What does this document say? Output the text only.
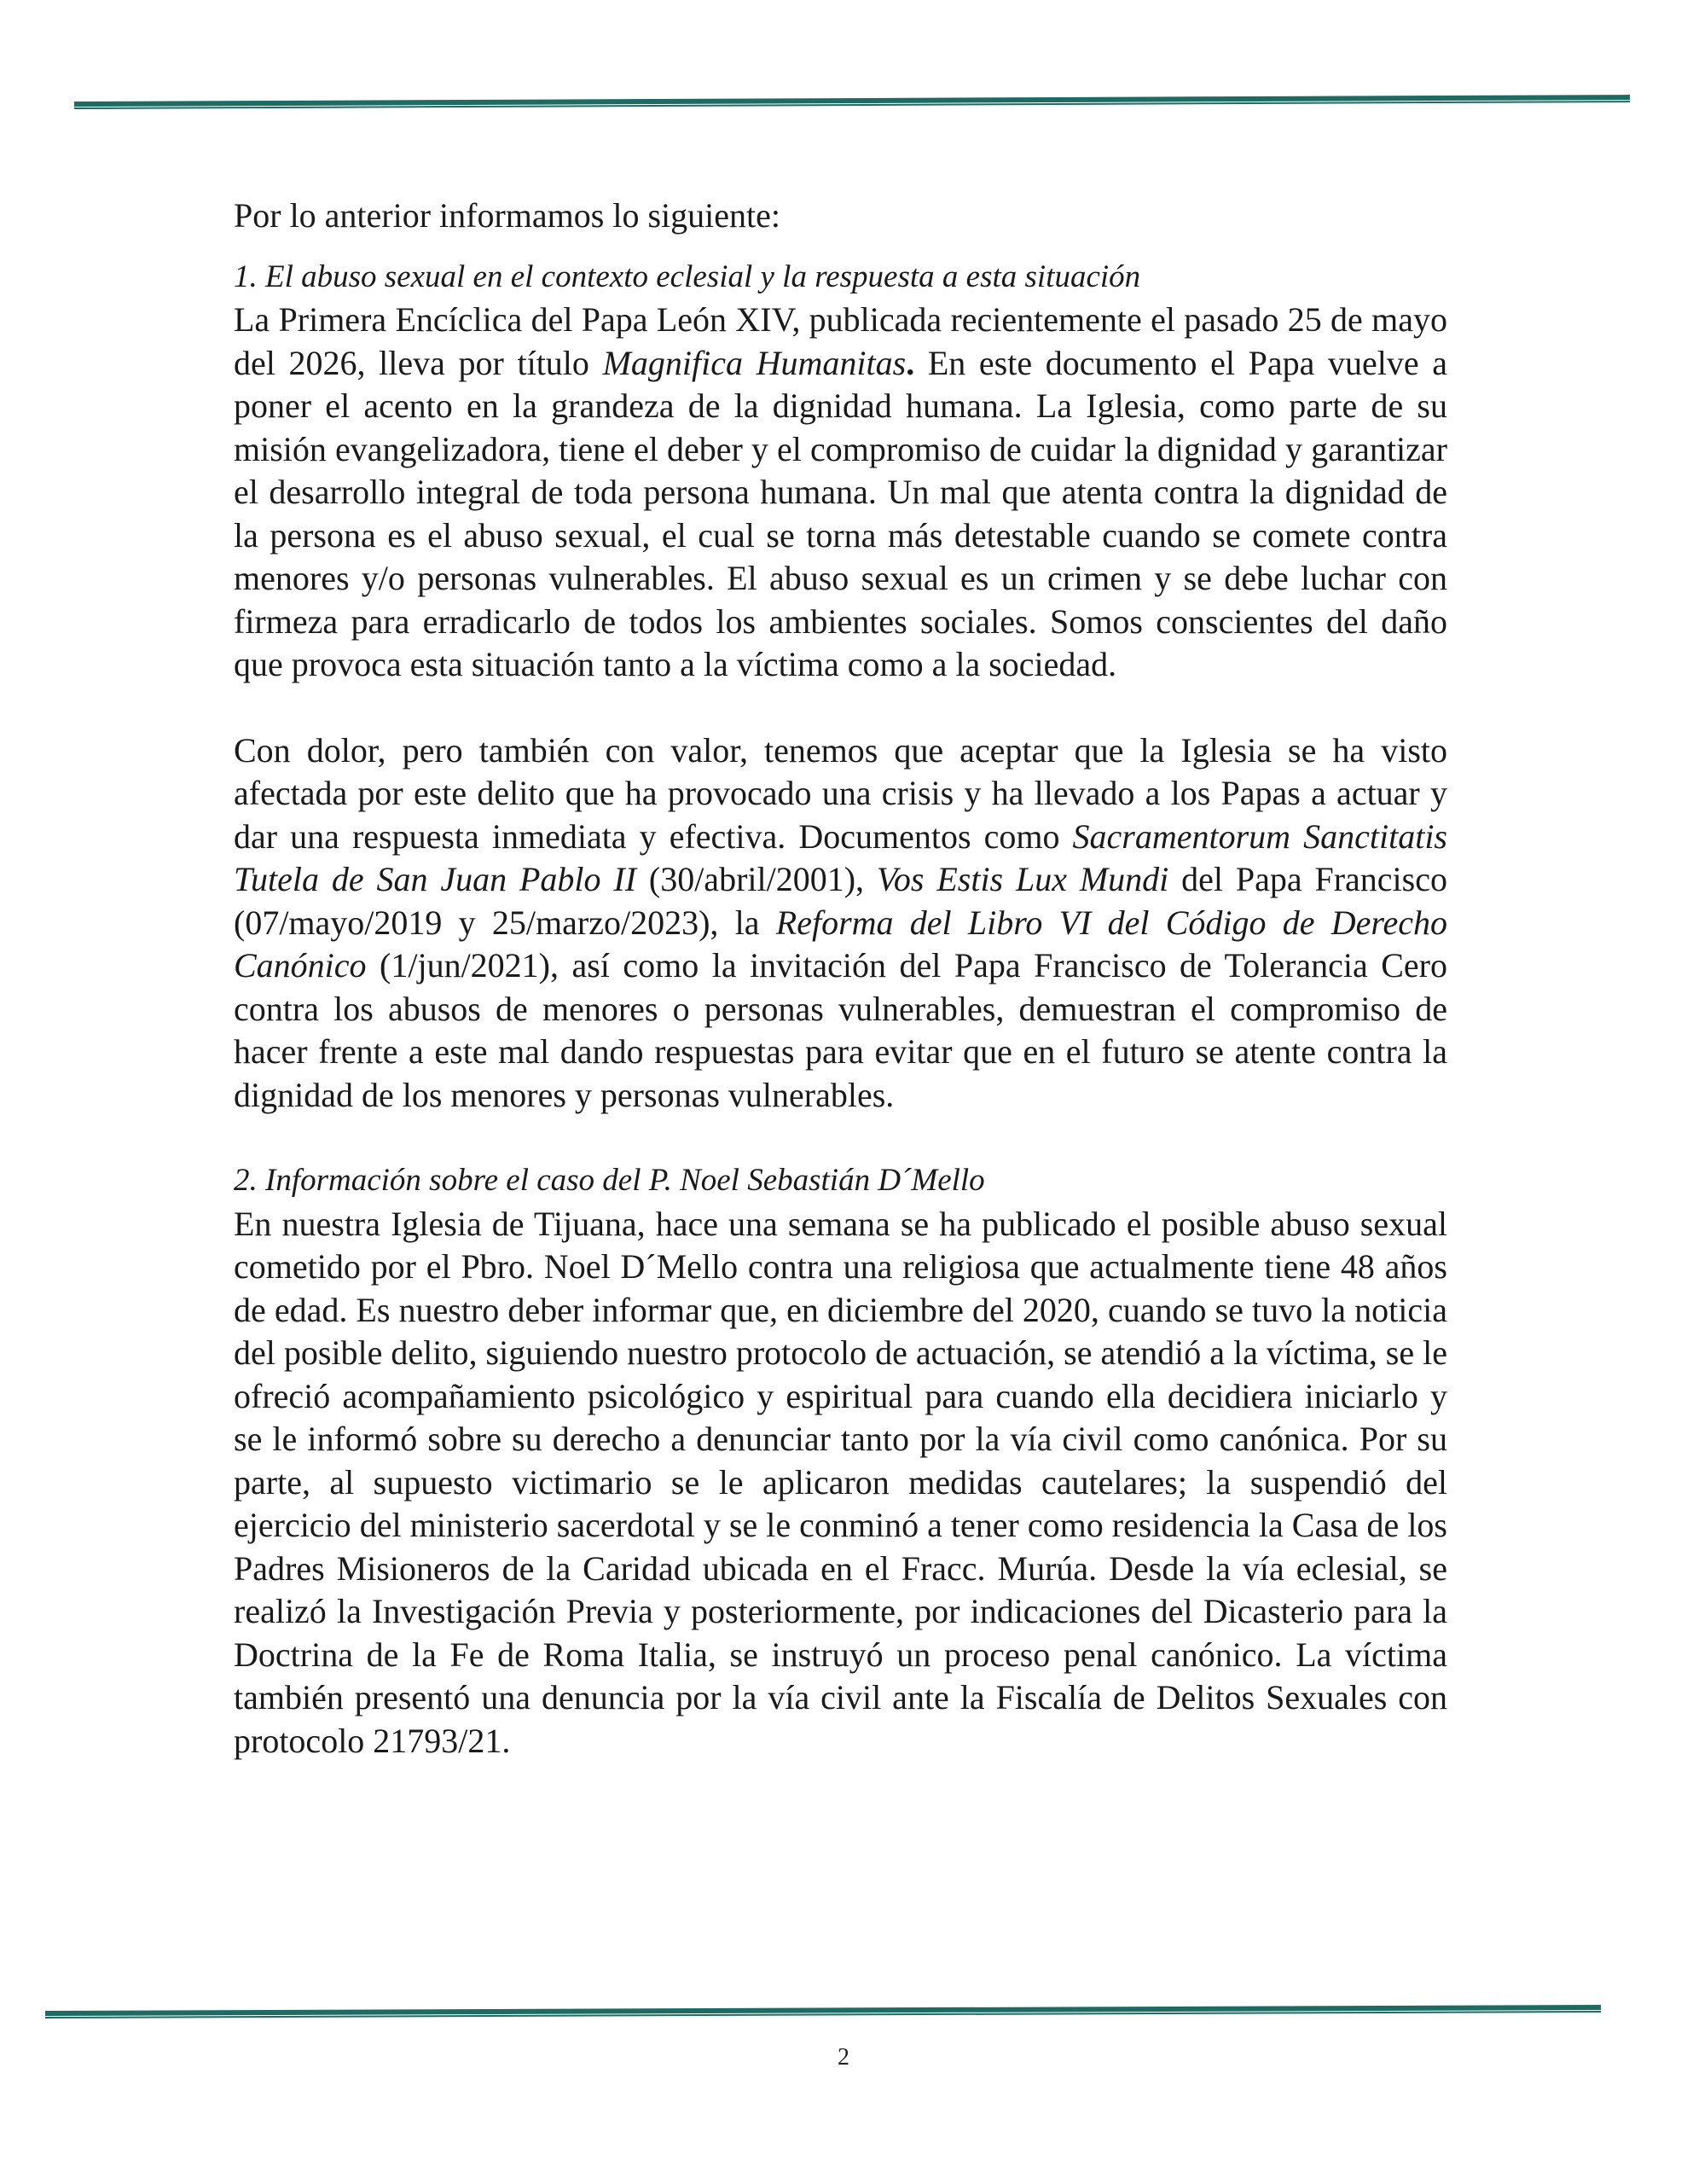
Por lo anterior informamos lo siguiente:

1. El abuso sexual en el contexto eclesial y la respuesta a esta situación

La Primera Encíclica del Papa León XIV, publicada recientemente el pasado 25 de mayo del 2026, lleva por título Magnifica Humanitas. En este documento el Papa vuelve a poner el acento en la grandeza de la dignidad humana. La Iglesia, como parte de su misión evangelizadora, tiene el deber y el compromiso de cuidar la dignidad y garantizar el desarrollo integral de toda persona humana. Un mal que atenta contra la dignidad de la persona es el abuso sexual, el cual se torna más detestable cuando se comete contra menores y/o personas vulnerables. El abuso sexual es un crimen y se debe luchar con firmeza para erradicarlo de todos los ambientes sociales. Somos conscientes del daño que provoca esta situación tanto a la víctima como a la sociedad.

Con dolor, pero también con valor, tenemos que aceptar que la Iglesia se ha visto afectada por este delito que ha provocado una crisis y ha llevado a los Papas a actuar y dar una respuesta inmediata y efectiva. Documentos como Sacramentorum Sanctitatis Tutela de San Juan Pablo II (30/abril/2001), Vos Estis Lux Mundi del Papa Francisco (07/mayo/2019 y 25/marzo/2023), la Reforma del Libro VI del Código de Derecho Canónico (1/jun/2021), así como la invitación del Papa Francisco de Tolerancia Cero contra los abusos de menores o personas vulnerables, demuestran el compromiso de hacer frente a este mal dando respuestas para evitar que en el futuro se atente contra la dignidad de los menores y personas vulnerables.

2. Información sobre el caso del P. Noel Sebastián D´Mello

En nuestra Iglesia de Tijuana, hace una semana se ha publicado el posible abuso sexual cometido por el Pbro. Noel D´Mello contra una religiosa que actualmente tiene 48 años de edad. Es nuestro deber informar que, en diciembre del 2020, cuando se tuvo la noticia del posible delito, siguiendo nuestro protocolo de actuación, se atendió a la víctima, se le ofreció acompañamiento psicológico y espiritual para cuando ella decidiera iniciarlo y se le informó sobre su derecho a denunciar tanto por la vía civil como canónica. Por su parte, al supuesto victimario se le aplicaron medidas cautelares; la suspendió del ejercicio del ministerio sacerdotal y se le conminó a tener como residencia la Casa de los Padres Misioneros de la Caridad ubicada en el Fracc. Murúa. Desde la vía eclesial, se realizó la Investigación Previa y posteriormente, por indicaciones del Dicasterio para la Doctrina de la Fe de Roma Italia, se instruyó un proceso penal canónico. La víctima también presentó una denuncia por la vía civil ante la Fiscalía de Delitos Sexuales con protocolo 21793/21.

2
